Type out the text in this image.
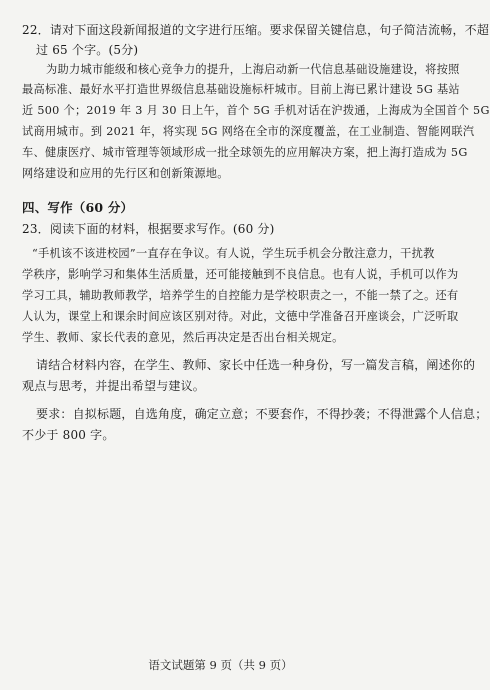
22．请对下面这段新闻报道的文字进行压缩。要求保留关键信息，句子简洁流畅，不超
过 65 个字。(5分)
为助力城市能级和核心竞争力的提升，上海启动新一代信息基础设施建设，将按照
最高标准、最好水平打造世界级信息基础设施标杆城市。目前上海已累计建设 5G 基站
近 500 个；2019 年 3 月 30 日上午，首个 5G 手机对话在沪拨通，上海成为全国首个 5G
试商用城市。到 2021 年，将实现 5G 网络在全市的深度覆盖，在工业制造、智能网联汽
车、健康医疗、城市管理等领域形成一批全球领先的应用解决方案，把上海打造成为 5G
网络建设和应用的先行区和创新策源地。
四、写作（60 分）
23．阅读下面的材料，根据要求写作。(60 分)
“手机该不该进校园”一直存在争议。有人说，学生玩手机会分散注意力，干扰教
学秩序，影响学习和集体生活质量，还可能接触到不良信息。也有人说，手机可以作为
学习工具，辅助教师教学，培养学生的自控能力是学校职责之一，不能一禁了之。还有
人认为，课堂上和课余时间应该区别对待。对此，文德中学准备召开座谈会，广泛听取
学生、教师、家长代表的意见，然后再决定是否出台相关规定。
请结合材料内容，在学生、教师、家长中任选一种身份，写一篇发言稿，阐述你的
观点与思考，并提出希望与建议。
要求：自拟标题，自选角度，确定立意；不要套作，不得抄袭；不得泄露个人信息；
不少于 800 字。
语文试题第 9 页（共 9 页）
